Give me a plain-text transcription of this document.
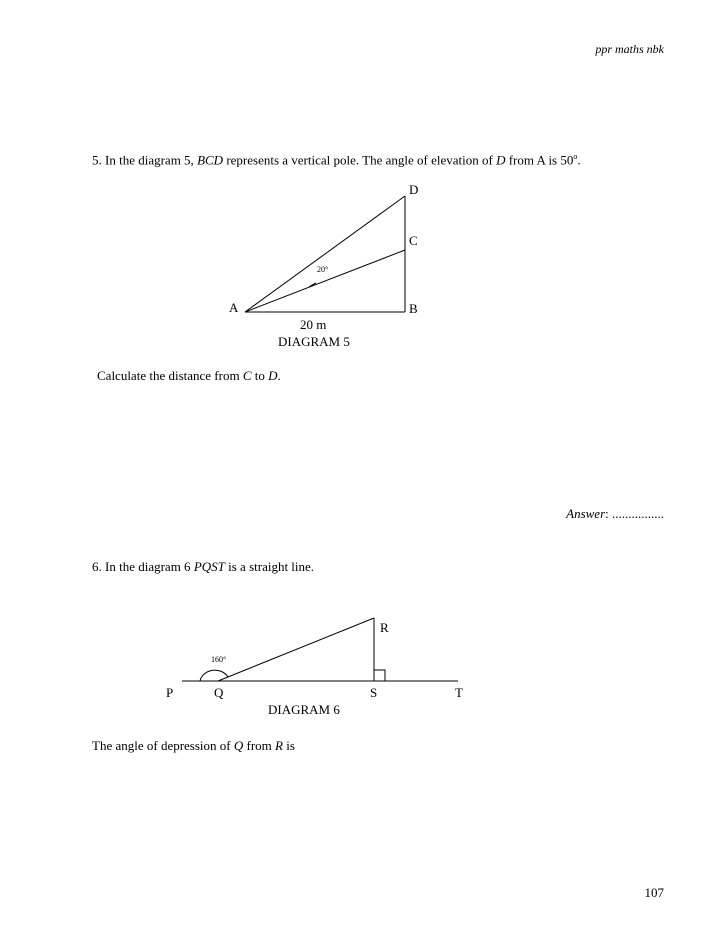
ppr maths nbk
5. In the diagram 5, BCD represents a vertical pole. The angle of elevation of D from A is 50$^o$.
A	B
C
D
20°
20 m
DIAGRAM 5
P	Q
R
S	T
160°
DIAGRAM 6
Calculate the distance from C to D.
Answer: ................
6. In the diagram 6 PQST is a straight line.
The angle of depression of Q from R is
107
